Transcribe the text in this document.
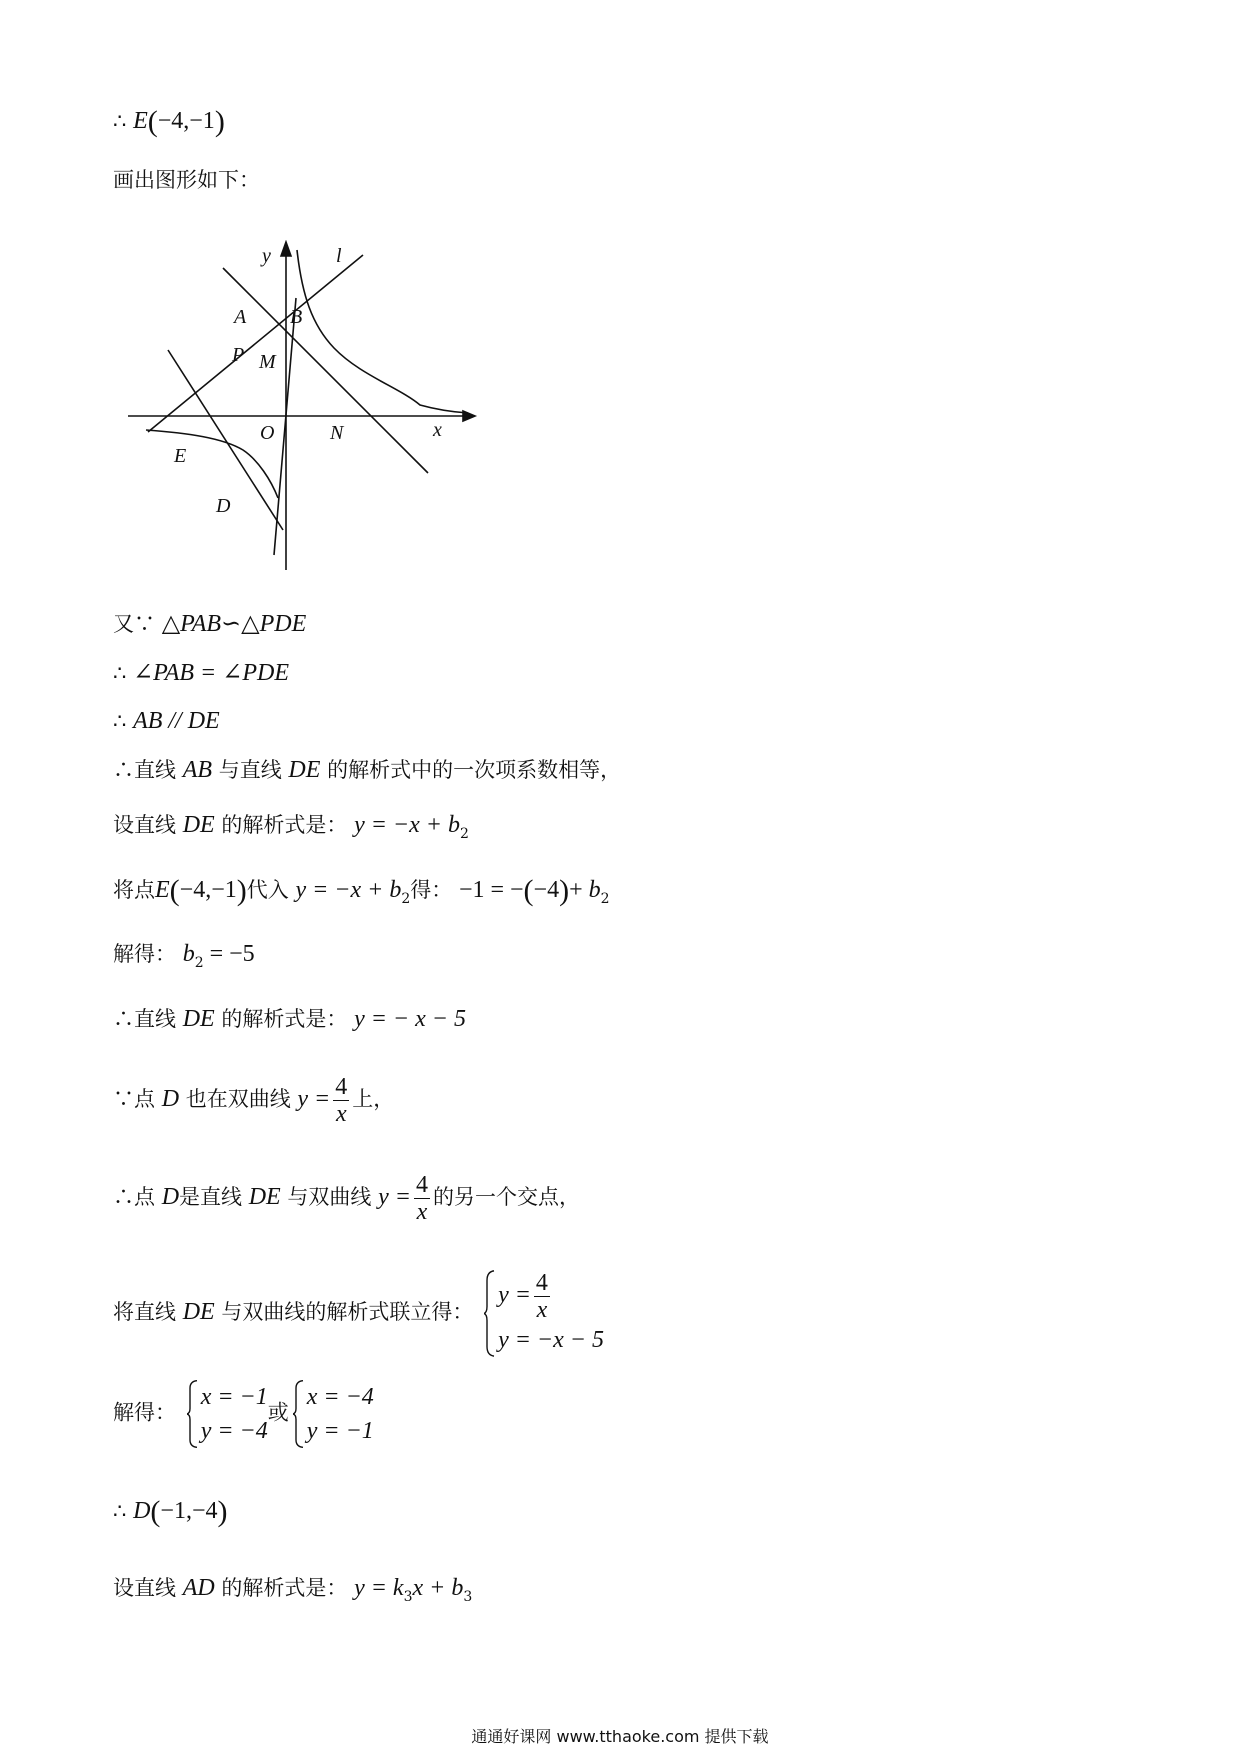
∴ E(−4,−1)
画出图形如下：
y
x
l
A B
P M
O	N
E
D
又∵ △PAB∽△PDE
∴ ∠PAB = ∠PDE
∴ AB // DE
∴直线 AB 与直线 DE 的解析式中的一次项系数相等，
设直线 DE 的解析式是： $y = -x + b_2$
将点E(−4,−1)代入 $y = -x + b_2$得： $-1 = -(-4)+ b_2$
解得： $b_2 = -5$
∴直线 DE 的解析式是： y = − x − 5
∵点 D 也在双曲线 $y = \frac{4}{x}$ 上，
∴点 D是直线 DE 与双曲线 $y = \frac{4}{x}$ 的另一个交点，
将直线 DE 与双曲线的解析式联立得：
$y = \frac{4}{x}$
y = −x − 5
解得：
x = −1
y = −4
或
x = −4
y = −1
∴ D(−1,−4)
设直线 AD 的解析式是： $y = k_3x + b_3$
通通好课网 www.tthaoke.com 提供下载
